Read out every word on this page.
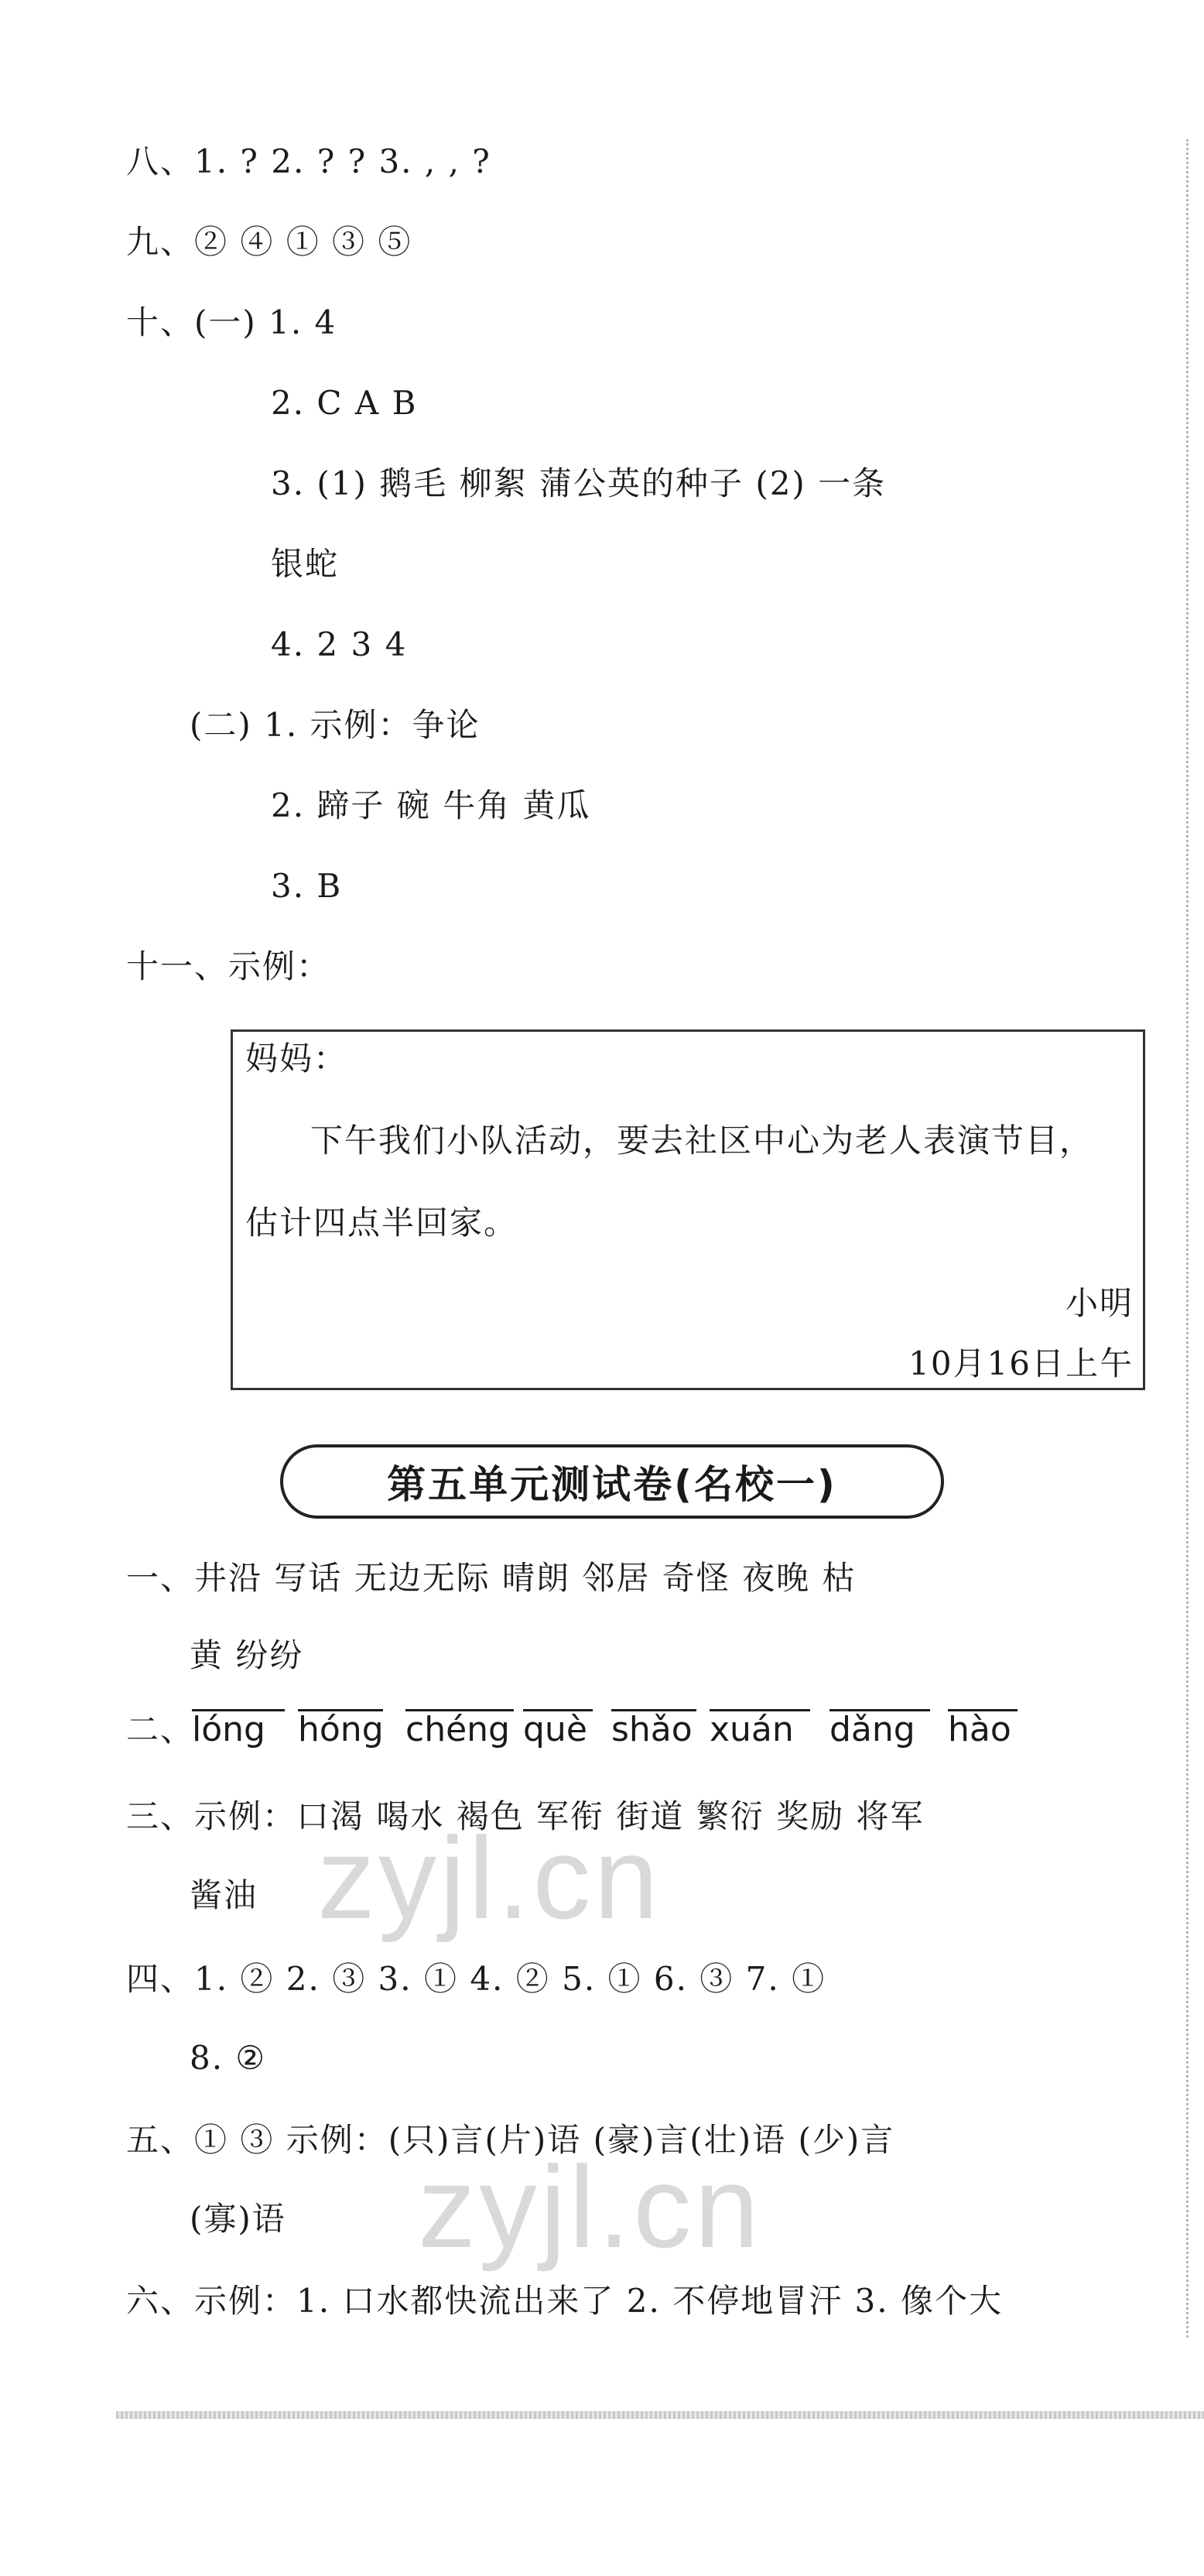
八、1. ? 2. ? ? 3. , , ?
九、② ④ ① ③ ⑤
十、(一) 1. 4
2. C A B
3. (1) 鹅毛 柳絮 蒲公英的种子 (2) 一条
银蛇
4. 2 3 4
(二) 1. 示例：争论
2. 蹄子 碗 牛角 黄瓜
3. B
十一、示例：
妈妈：
下午我们小队活动，要去社区中心为老人表演节目，
估计四点半回家。
小明
10月16日上午
第五单元测试卷(名校一)
一、井沿 写话 无边无际 晴朗 邻居 奇怪 夜晚 枯
黄 纷纷
二、
lóng hóng chéng què shǎo xuán dǎng hào
三、示例：口渴 喝水 褐色 军衔 街道 繁衍 奖励 将军
酱油
四、1. ② 2. ③ 3. ① 4. ② 5. ① 6. ③ 7. ①
8. ②
五、① ③ 示例：(只)言(片)语 (豪)言(壮)语 (少)言
(寡)语
六、示例：1. 口水都快流出来了 2. 不停地冒汗 3. 像个大
zyjl.cn
zyjl.cn
